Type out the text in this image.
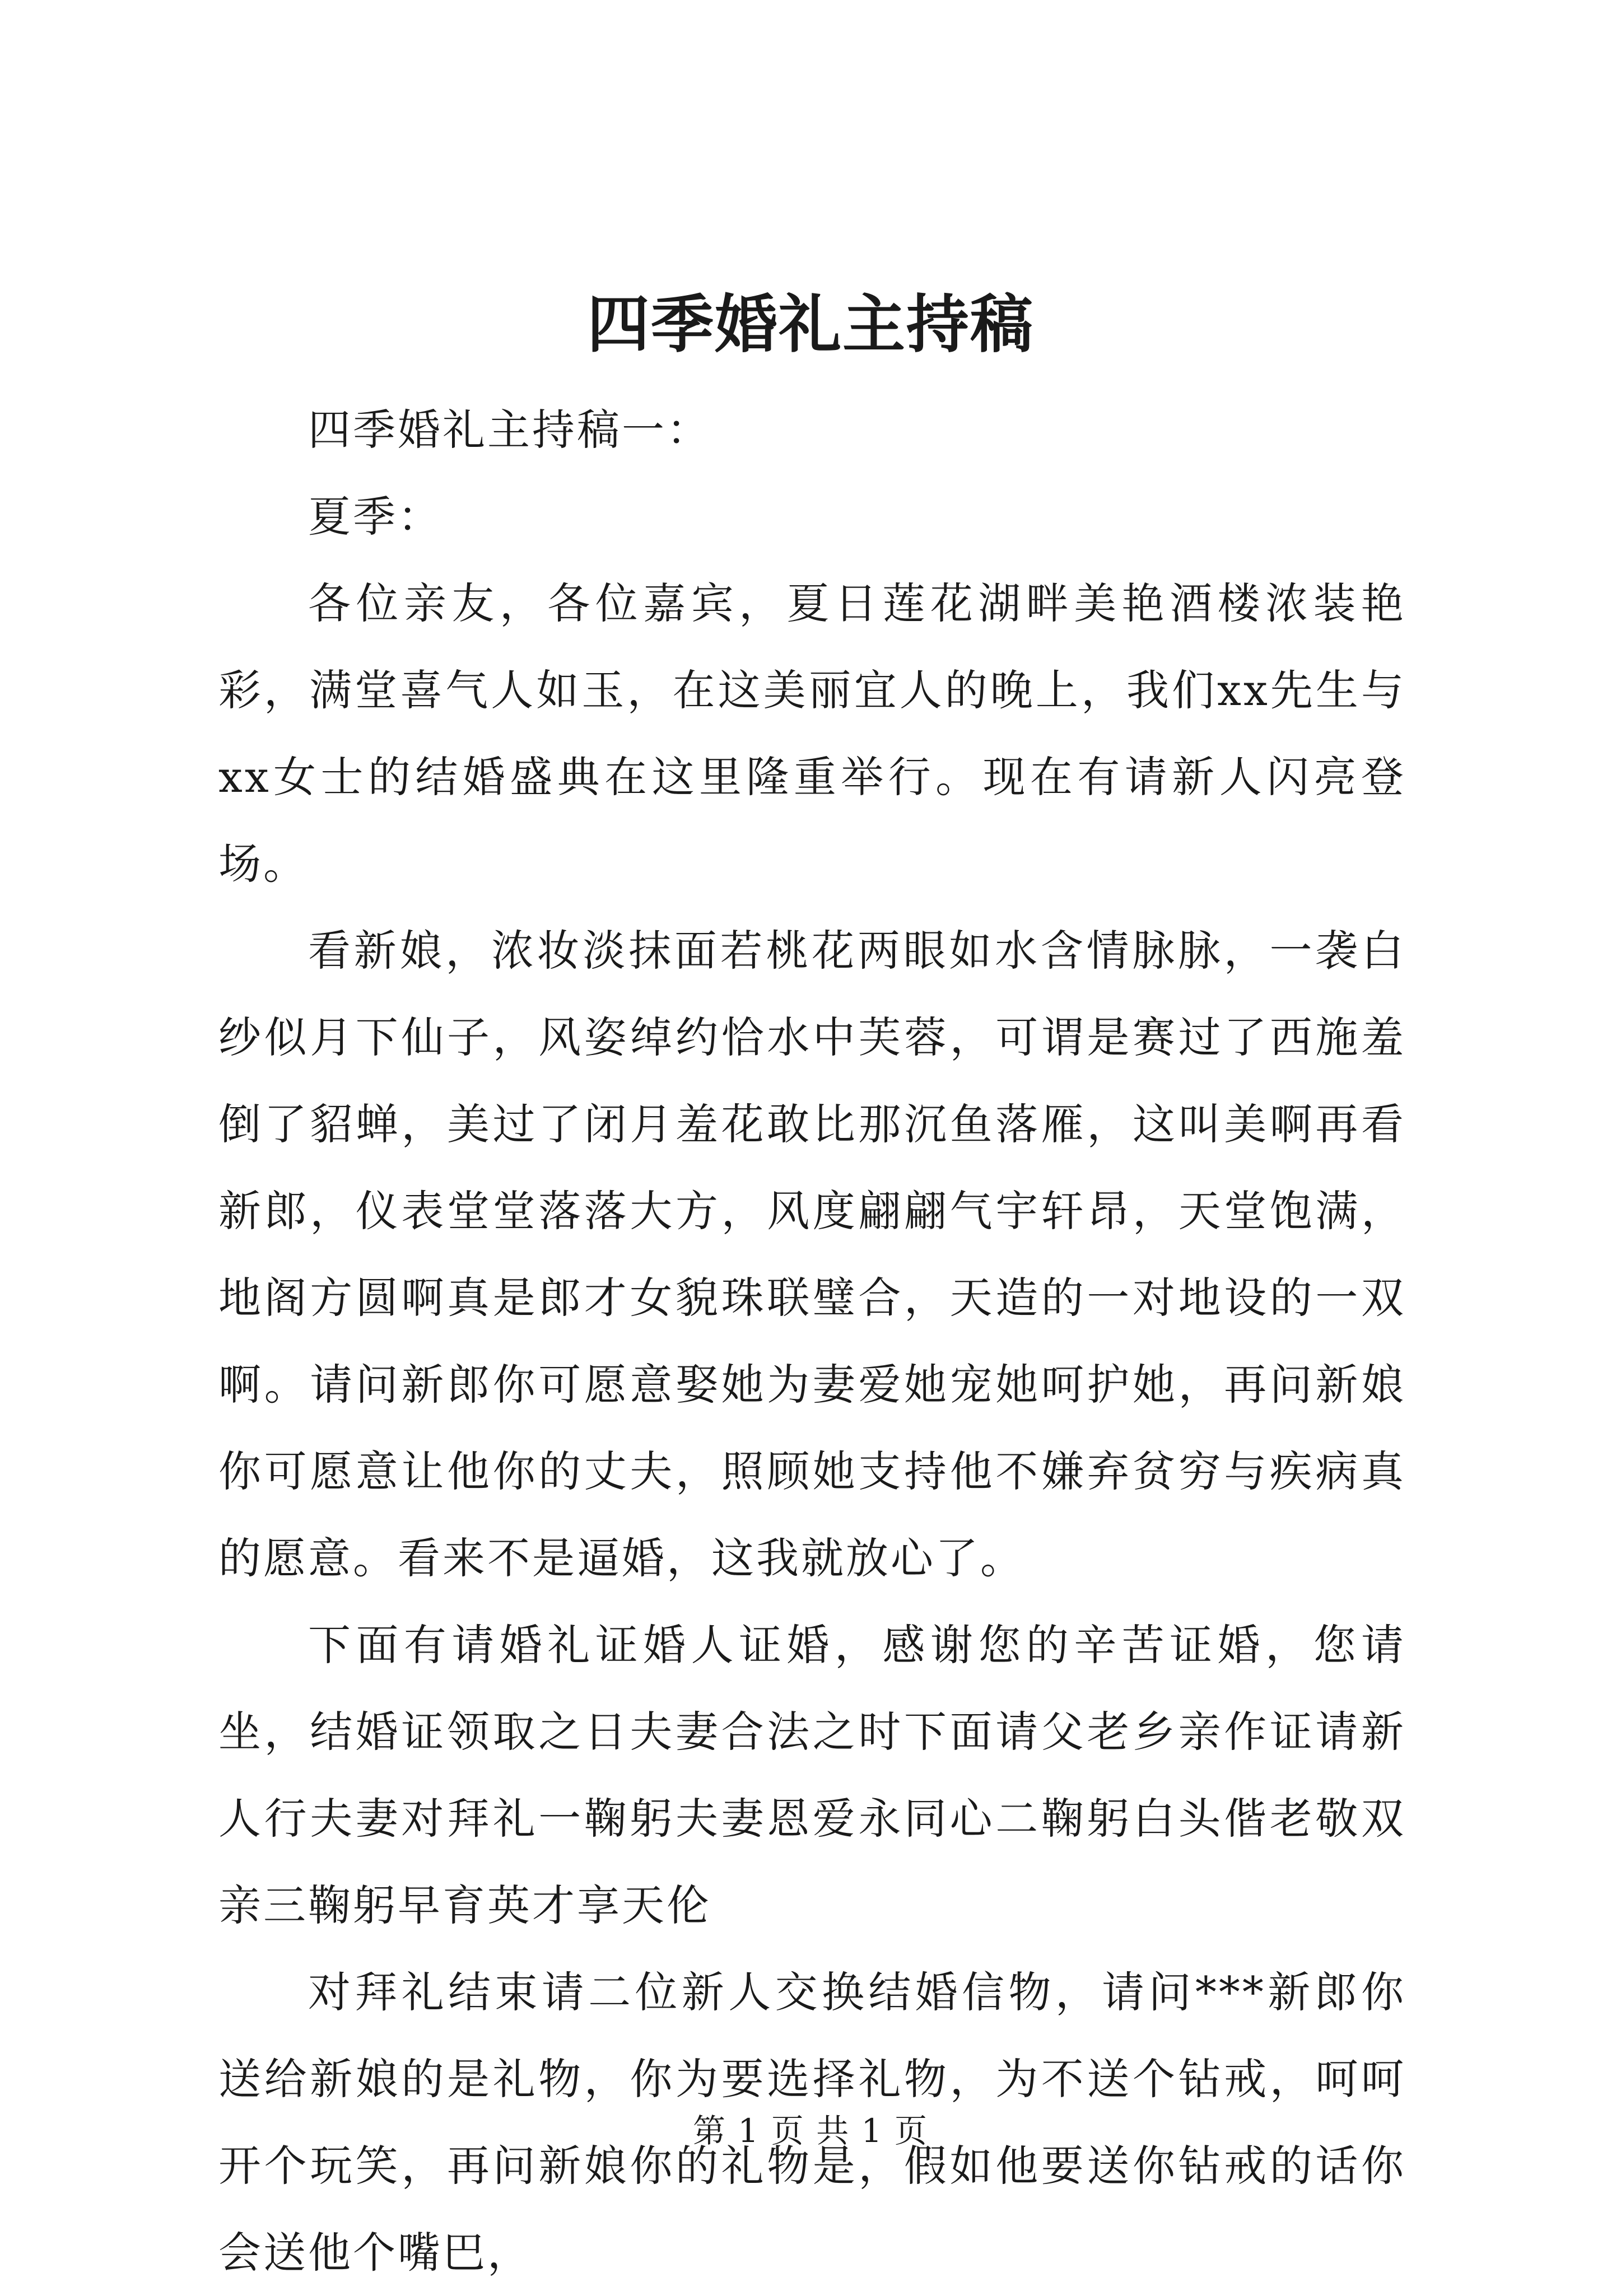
四季婚礼主持稿

四季婚礼主持稿一：

夏季：

各位亲友，各位嘉宾，夏日莲花湖畔美艳酒楼浓装艳彩，满堂喜气人如玉，在这美丽宜人的晚上，我们xx先生与xx女士的结婚盛典在这里隆重举行。现在有请新人闪亮登场。

看新娘，浓妆淡抹面若桃花两眼如水含情脉脉，一袭白纱似月下仙子，风姿绰约恰水中芙蓉，可谓是赛过了西施羞倒了貂蝉，美过了闭月羞花敢比那沉鱼落雁，这叫美啊再看新郎，仪表堂堂落落大方，风度翩翩气宇轩昂，天堂饱满，地阁方圆啊真是郎才女貌珠联璧合，天造的一对地设的一双啊。请问新郎你可愿意娶她为妻爱她宠她呵护她，再问新娘你可愿意让他你的丈夫，照顾她支持他不嫌弃贫穷与疾病真的愿意。看来不是逼婚，这我就放心了。

下面有请婚礼证婚人证婚，感谢您的辛苦证婚，您请坐，结婚证领取之日夫妻合法之时下面请父老乡亲作证请新人行夫妻对拜礼一鞠躬夫妻恩爱永同心二鞠躬白头偕老敬双亲三鞠躬早育英才享天伦

对拜礼结束请二位新人交换结婚信物，请问***新郎你送给新娘的是礼物，你为要选择礼物，为不送个钻戒，呵呵开个玩笑，再问新娘你的礼物是，假如他要送你钻戒的话你会送他个嘴巴，

第 1 页 共 1 页
